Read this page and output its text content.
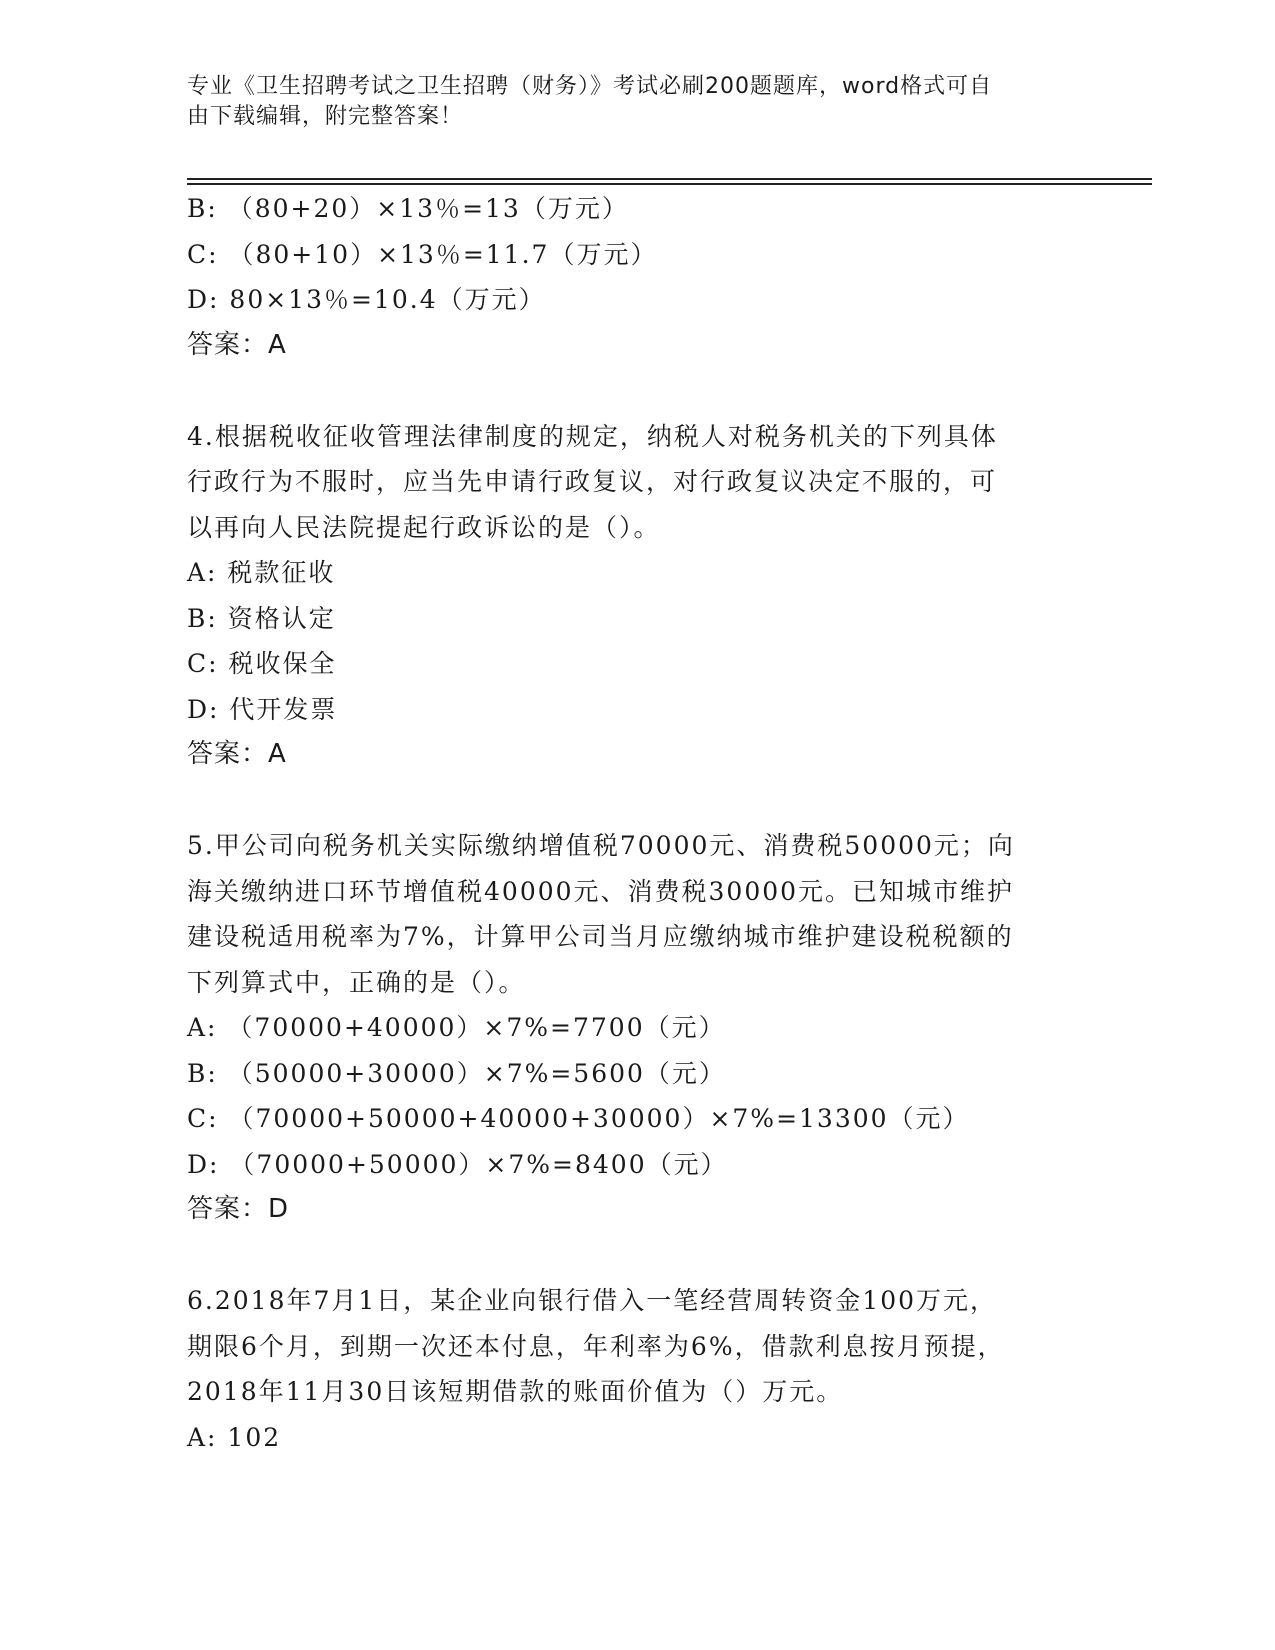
专业《卫生招聘考试之卫生招聘（财务）》考试必刷200题题库，word格式可自
由下载编辑，附完整答案！
B: （80+20）×13％=13（万元）
C: （80+10）×13％=11.7（万元）
D: 80×13％=10.4（万元）
答案：A
4.根据税收征收管理法律制度的规定，纳税人对税务机关的下列具体
行政行为不服时，应当先申请行政复议，对行政复议决定不服的，可
以再向人民法院提起行政诉讼的是（）。
A: 税款征收
B: 资格认定
C: 税收保全
D: 代开发票
答案：A
5.甲公司向税务机关实际缴纳增值税70000元、消费税50000元；向
海关缴纳进口环节增值税40000元、消费税30000元。已知城市维护
建设税适用税率为7%，计算甲公司当月应缴纳城市维护建设税税额的
下列算式中，正确的是（）。
A: （70000+40000）×7%=7700（元）
B: （50000+30000）×7%=5600（元）
C: （70000+50000+40000+30000）×7%=13300（元）
D: （70000+50000）×7%=8400（元）
答案：D
6.2018年7月1日，某企业向银行借入一笔经营周转资金100万元，
期限6个月，到期一次还本付息，年利率为6%，借款利息按月预提，
2018年11月30日该短期借款的账面价值为（）万元。
A: 102
